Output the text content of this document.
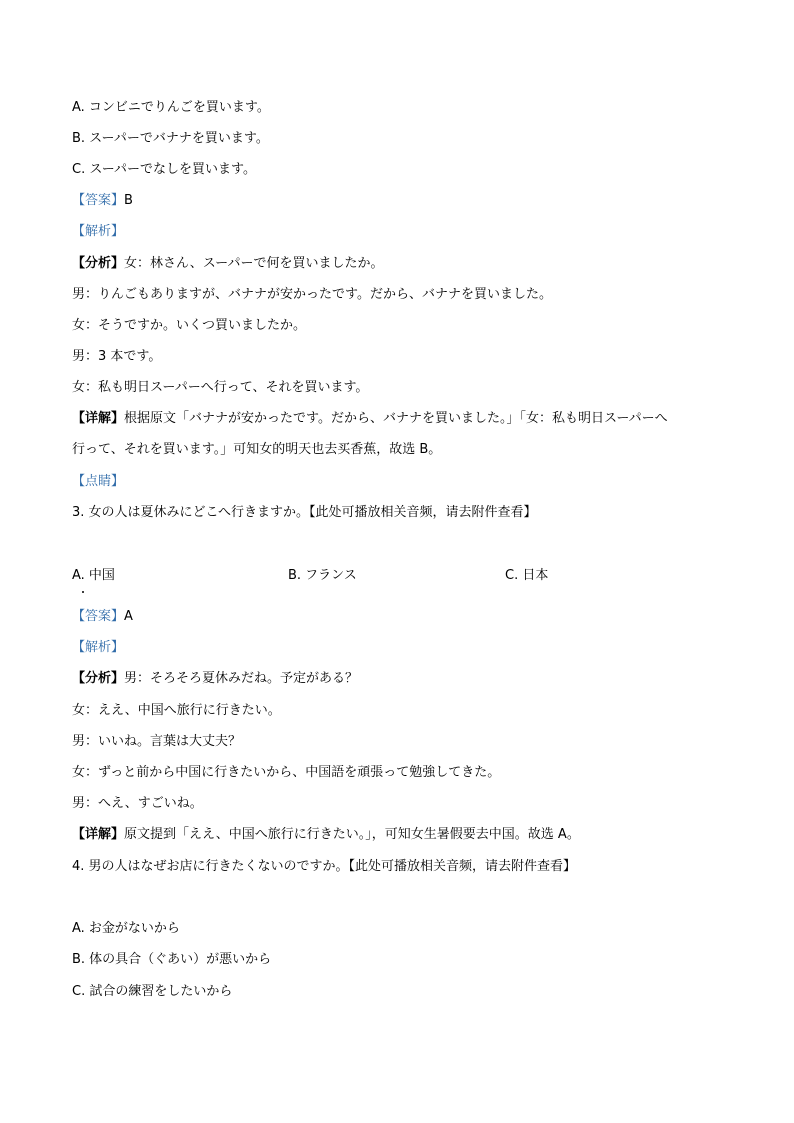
A. コンビニでりんごを買います。
B. スーパーでバナナを買います。
C. スーパーでなしを買います。
【答案】B
【解析】
【分析】女：林さん、スーパーで何を買いましたか。
男：りんごもありますが、バナナが安かったです。だから、バナナを買いました。
女：そうですか。いくつ買いましたか。
男：3 本です。
女：私も明日スーパーへ行って、それを買います。
【详解】根据原文「バナナが安かったです。だから、バナナを買いました。」「女：私も明日スーパーへ
行って、それを買います。」可知女的明天也去买香蕉，故选 B。
【点睛】
3. 女の人は夏休みにどこへ行きますか。【此处可播放相关音频，请去附件查看】
A. 中国	B. フランス	C. 日本
【答案】A
【解析】
【分析】男：そろそろ夏休みだね。予定がある？
女：ええ、中国へ旅行に行きたい。
男：いいね。言葉は大丈夫？
女：ずっと前から中国に行きたいから、中国語を頑張って勉強してきた。
男：へえ、すごいね。
【详解】原文提到「ええ、中国へ旅行に行きたい。」，可知女生暑假要去中国。故选 A。
4. 男の人はなぜお店に行きたくないのですか。【此处可播放相关音频，请去附件查看】
A. お金がないから
B. 体の具合（ぐあい）が悪いから
C. 試合の練習をしたいから
